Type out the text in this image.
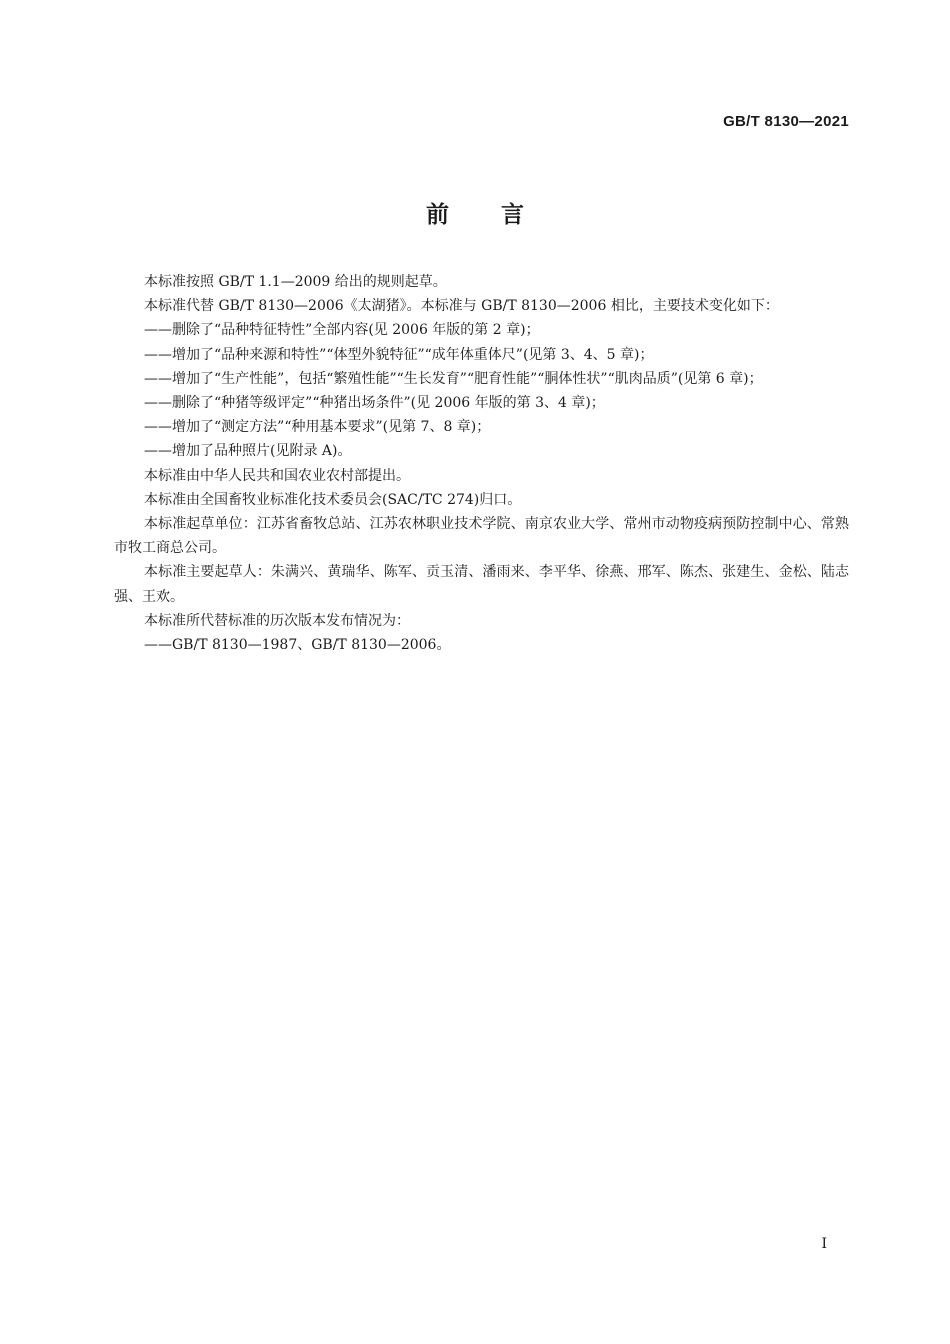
GB/T 8130—2021
前言

本标准按照 GB/T 1.1—2009 给出的规则起草。

本标准代替 GB/T 8130—2006《太湖猪》。本标准与 GB/T 8130—2006 相比，主要技术变化如下：

——删除了“品种特征特性”全部内容(见 2006 年版的第 2 章)；

——增加了“品种来源和特性”“体型外貌特征”“成年体重体尺”(见第 3、4、5 章)；

——增加了“生产性能”，包括“繁殖性能”“生长发育”“肥育性能”“胴体性状”“肌肉品质”(见第 6 章)；

——删除了“种猪等级评定”“种猪出场条件”(见 2006 年版的第 3、4 章)；

——增加了“测定方法”“种用基本要求”(见第 7、8 章)；

——增加了品种照片(见附录 A)。

本标准由中华人民共和国农业农村部提出。

本标准由全国畜牧业标准化技术委员会(SAC/TC 274)归口。

本标准起草单位：江苏省畜牧总站、江苏农林职业技术学院、南京农业大学、常州市动物疫病预防控制中心、常熟市牧工商总公司。

本标准主要起草人：朱满兴、黄瑞华、陈军、贡玉清、潘雨来、李平华、徐燕、邢军、陈杰、张建生、金松、陆志强、王欢。

本标准所代替标准的历次版本发布情况为：

——GB/T 8130—1987、GB/T 8130—2006。

I
